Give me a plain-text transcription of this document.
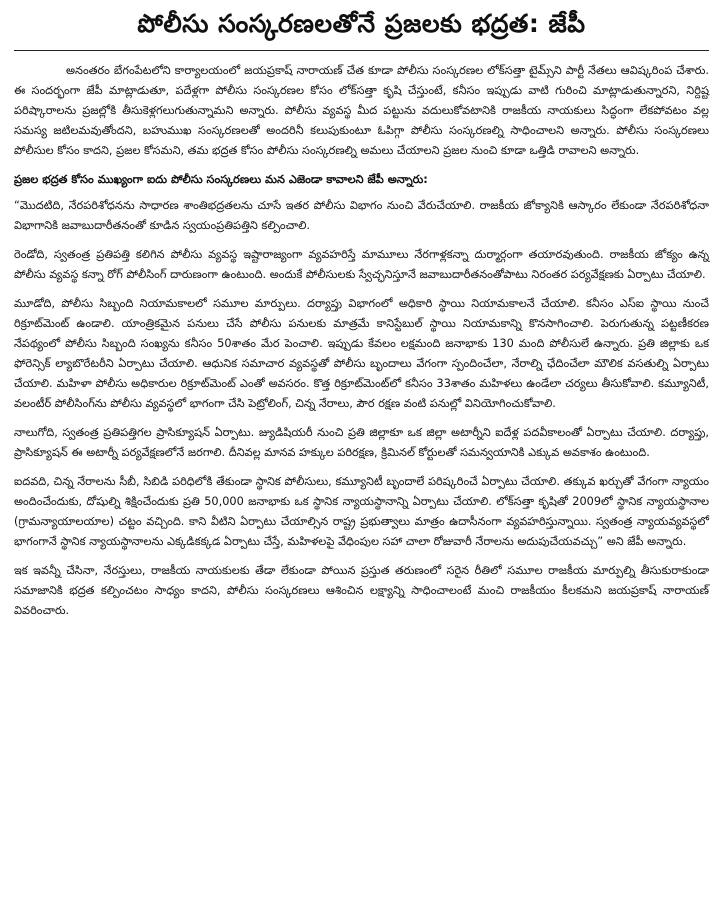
పోలీసు సంస్కరణలతోనే ప్రజలకు భద్రత: జేపీ

అనంతరం బేగంపేటలోని కార్యాలయంలో జయప్రకాష్ నారాయణ్ చేత కూడా పోలీసు సంస్కరణల లోక్‌సత్తా టైమ్స్‌ని పార్టీ నేతలు ఆవిష్కరింప చేశారు. ఈ సందర్భంగా జేపీ మాట్లాడుతూ, పదేళ్లగా పోలీసు సంస్కరణల కోసం లోక్‌సత్తా కృషి చేస్తుంటే, కనీసం ఇప్పుడు వాటి గురించి మాట్లాడుతున్నారని, నిర్దిష్ట పరిష్కారాలను ప్రజల్లోకి తీసుకెళ్లగలుగుతున్నామని అన్నారు. పోలీసు వ్యవస్థ మీద పట్టును వదులుకోవటానికి రాజకీయ నాయకులు సిద్ధంగా లేకపోవటం వల్ల సమస్య జటిలమవుతోందని, బహుముఖ సంస్కరణలతో అందరినీ కలుపుకుంటూ ఓపిగ్గా పోలీసు సంస్కరణల్ని సాధించాలని అన్నారు. పోలీసు సంస్కరణలు పోలీసుల కోసం కాదని, ప్రజల కోసమని, తమ భద్రత కోసం పోలీసు సంస్కరణల్ని అమలు చేయాలని ప్రజల నుంచి కూడా ఒత్తిడి రావాలని అన్నారు.

ప్రజల భద్రత కోసం ముఖ్యంగా ఐదు పోలీసు సంస్కరణలు మన ఎజెండా కావాలని జేపీ అన్నారు:

“మొదటిది, నేరపరిశోధనను సాధారణ శాంతిభద్రతలను చూసే ఇతర పోలీసు విభాగం నుంచి వేరుచేయాలి. రాజకీయ జోక్యానికి ఆస్కారం లేకుండా నేరపరిశోధనా విభాగానికి జవాబుదారీతనంతో కూడిన స్వయంప్రతిపత్తిని కల్పించాలి.

రెండోది, స్వతంత్ర ప్రతిపత్తి కలిగిన పోలీసు వ్యవస్థ ఇష్టారాజ్యంగా వ్యవహరిస్తే మామూలు నేరగాళ్లకన్నా దుర్మార్గంగా తయారవుతుంది. రాజకీయ జోక్యం ఉన్న పోలీసు వ్యవస్థ కన్నా రోగ్ పోలీసింగ్ దారుణంగా ఉంటుంది. అందుకే పోలీసులకు స్వేచ్ఛనిస్తూనే జవాబుదారీతనంతోపాటు నిరంతర పర్యవేక్షణకు ఏర్పాటు చేయాలి.

మూడోది, పోలీసు సిబ్బంది నియామకాలలో సమూల మార్పులు. దర్యాప్తు విభాగంలో అధికారి స్థాయి నియామకాలనే చేయాలి. కనీసం ఎస్ఐ స్థాయి నుంచే రిక్రూట్‌మెంట్ ఉండాలి. యాంత్రికమైన పనులు చేసే పోలీసు పనులకు మాత్రమే కానిస్టేబుల్ స్థాయి నియామకాన్ని కొనసాగించాలి. పెరుగుతున్న పట్టణీకరణ నేపథ్యంలో పోలీసు సిబ్బంది సంఖ్యను కనీసం 50శాతం మేర పెంచాలి. ఇప్పుడు కేవలం లక్షమంది జనాభాకు 130 మంది పోలీసులే ఉన్నారు. ప్రతి జిల్లాకు ఒక ఫోరెన్సిక్ ల్యాబొరేటరీని ఏర్పాటు చేయాలి. ఆధునిక సమాచార వ్యవస్థతో పోలీసు బృందాలు వేగంగా స్పందించేలా, నేరాల్ని ఛేదించేలా మౌలిక వసతుల్ని ఏర్పాటు చేయాలి. మహిళా పోలీసు అధికారుల రిక్రూట్‌మెంట్ ఎంతో అవసరం. కొత్త రిక్రూట్‌మెంట్‌లో కనీసం 33శాతం మహిళలు ఉండేలా చర్యలు తీసుకోవాలి. కమ్యూనిటీ, వలంటీర్ పోలీసింగ్‌ను పోలీసు వ్యవస్థలో భాగంగా చేసి పెట్రోలింగ్, చిన్న నేరాలు, పౌర రక్షణ వంటి పనుల్లో వినియోగించుకోవాలి.

నాలుగోది, స్వతంత్ర ప్రతిపత్తిగల ప్రాసిక్యూషన్ ఏర్పాటు. జ్యుడిషియరీ నుంచి ప్రతి జిల్లాకూ ఒక జిల్లా అటార్నీని ఐదేళ్ల పదవీకాలంతో ఏర్పాటు చేయాలి. దర్యాప్తు, ప్రాసిక్యూషన్ ఈ అటార్నీ పర్యవేక్షణలోనే జరగాలి. దీనివల్ల మానవ హక్కుల పరిరక్షణ, క్రిమినల్ కోర్టులతో సమన్వయానికి ఎక్కువ అవకాశం ఉంటుంది.

ఐదవది, చిన్న నేరాలను సీబీ, సిబిడి పరిధిలోకి తేకుండా స్థానిక పోలీసులు, కమ్యూనిటీ బృందాలే పరిష్కరించే ఏర్పాటు చేయాలి. తక్కువ ఖర్చుతో వేగంగా న్యాయం అందించేందుకు, దోషుల్ని శిక్షించేందుకు ప్రతి 50,000 జనాభాకు ఒక స్థానిక న్యాయస్థానాన్ని ఏర్పాటు చేయాలి. లోక్‌సత్తా కృషితో 2009లో స్థానిక న్యాయస్థానాల (గ్రామన్యాయాలయాల) చట్టం వచ్చింది. కాని వీటిని ఏర్పాటు చేయాల్సిన రాష్ట్ర ప్రభుత్వాలు మాత్రం ఉదాసీనంగా వ్యవహరిస్తున్నాయి. స్వతంత్ర న్యాయవ్యవస్థలో భాగంగానే స్థానిక న్యాయస్థానాలను ఎక్కడికక్కడ ఏర్పాటు చేస్తే, మహిళలపై వేధింపుల సహా చాలా రోజువారీ నేరాలను అదుపుచేయవచ్చు” అని జేపీ అన్నారు.

ఇక ఇవన్నీ చేసినా, నేరస్తులు, రాజకీయ నాయకులకు తేడా లేకుండా పోయిన ప్రస్తుత తరుణంలో సరైన రీతిలో సమూల రాజకీయ మార్పుల్ని తీసుకురాకుండా సమాజానికి భద్రత కల్పించటం సాధ్యం కాదని, పోలీసు సంస్కరణలు ఆశించిన లక్ష్యాన్ని సాధించాలంటే మంచి రాజకీయం కీలకమని జయప్రకాష్ నారాయణ్ వివరించారు.
